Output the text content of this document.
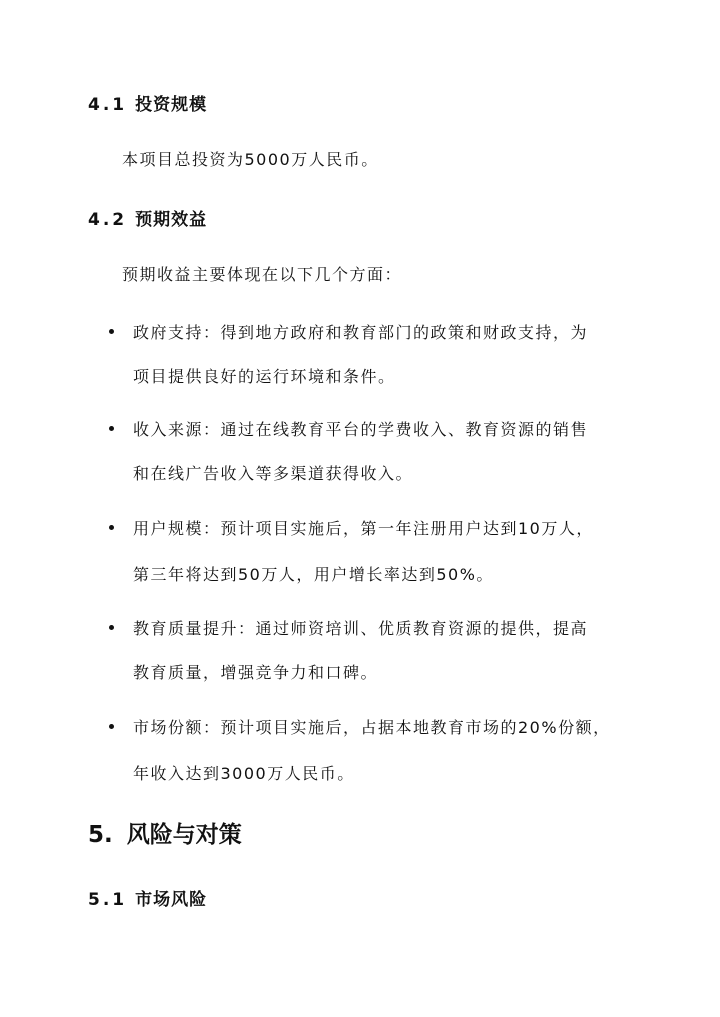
4.1 投资规模
本项目总投资为5000万人民币。
4.2 预期效益
预期收益主要体现在以下几个方面：
政府支持：得到地方政府和教育部门的政策和财政支持，为
项目提供良好的运行环境和条件。
收入来源：通过在线教育平台的学费收入、教育资源的销售
和在线广告收入等多渠道获得收入。
用户规模：预计项目实施后，第一年注册用户达到10万人，
第三年将达到50万人，用户增长率达到50%。
教育质量提升：通过师资培训、优质教育资源的提供，提高
教育质量，增强竞争力和口碑。
市场份额：预计项目实施后，占据本地教育市场的20%份额，
年收入达到3000万人民币。
5. 风险与对策
5.1 市场风险
